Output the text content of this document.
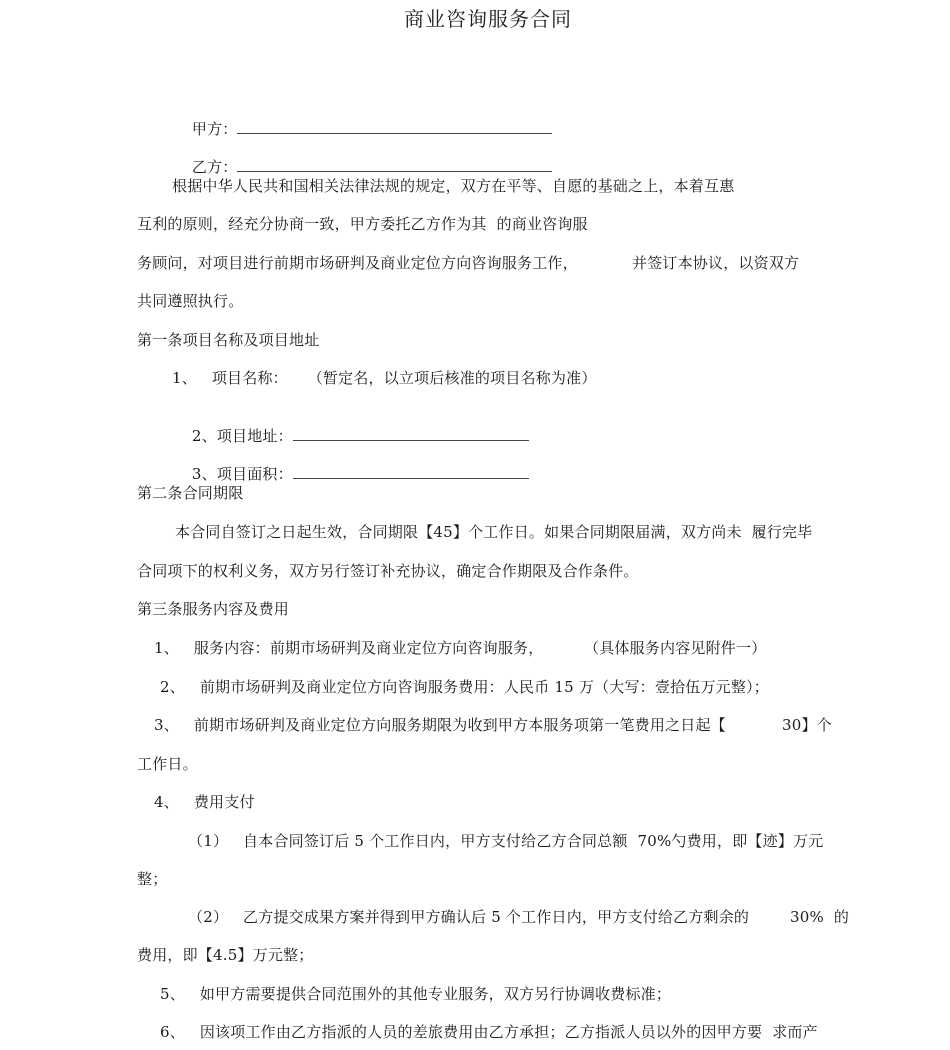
商业咨询服务合同

甲方：

乙方：

根据中华人民共和国相关法律法规的规定，双方在平等、自愿的基础之上，本着互惠
互利的原则，经充分协商一致，甲方委托乙方作为其  的商业咨询服
务顾问，对项目进行前期市场研判及商业定位方向咨询服务工作，	并签订本协议，以资双方
共同遵照执行。
第一条项目名称及项目地址
1、   项目名称：    （暂定名，以立项后核准的项目名称为准）

2、项目地址：

3、项目面积：

第二条合同期限
本合同自签订之日起生效，合同期限【45】个工作日。如果合同期限届满，双方尚未  履行完毕
合同项下的权利义务，双方另行签订补充协议，确定合作期限及合作条件。
第三条服务内容及费用
1、   服务内容：前期市场研判及商业定位方向咨询服务，	（具体服务内容见附件一）
2、   前期市场研判及商业定位方向咨询服务费用：人民币 15 万（大写：壹拾伍万元整）；
3、   前期市场研判及商业定位方向服务期限为收到甲方本服务项第一笔费用之日起【	30】个
工作日。
4、   费用支付
（1）   自本合同签订后 5 个工作日内，甲方支付给乙方合同总额  70%勺费用，即【迹】万元
整；
（2）   乙方提交成果方案并得到甲方确认后 5 个工作日内，甲方支付给乙方剩余的	30%  的
费用，即【4.5】万元整；
5、   如甲方需要提供合同范围外的其他专业服务，双方另行协调收费标准；
6、   因该项工作由乙方指派的人员的差旅费用由乙方承担；乙方指派人员以外的因甲方要  求而产
